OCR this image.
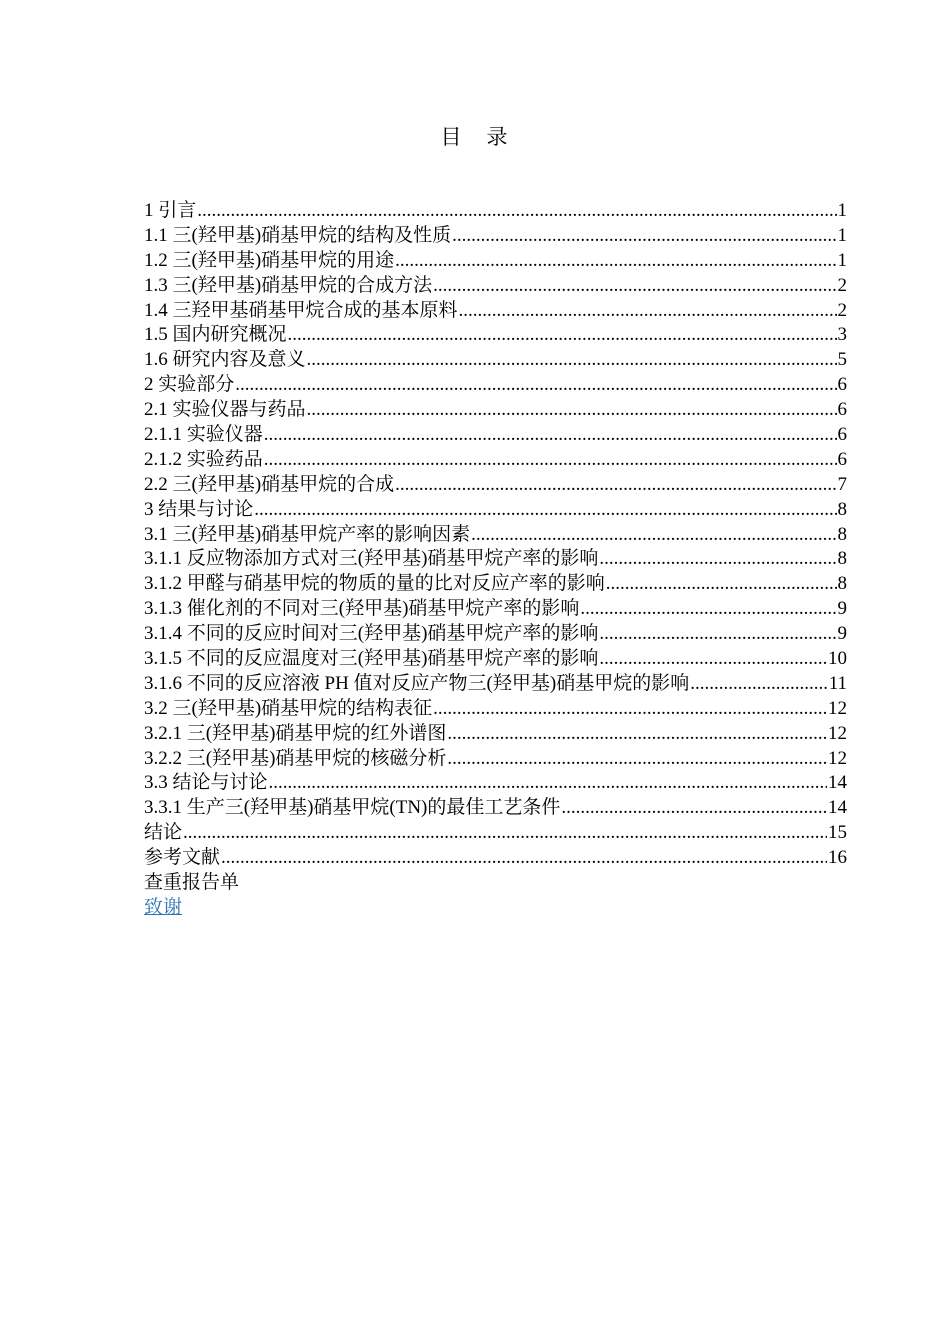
目　录
1 引言 .....	1
1.1 三(羟甲基)硝基甲烷的结构及性质 .....	1
1.2 三(羟甲基)硝基甲烷的用途 .....	1
1.3 三(羟甲基)硝基甲烷的合成方法 .....	2
1.4 三羟甲基硝基甲烷合成的基本原料 .....	2
1.5 国内研究概况 .....	3
1.6 研究内容及意义 .....	5
2 实验部分 .....	6
2.1 实验仪器与药品 .....	6
2.1.1 实验仪器 .....	6
2.1.2 实验药品 .....	6
2.2 三(羟甲基)硝基甲烷的合成 .....	7
3 结果与讨论 .....	8
3.1 三(羟甲基)硝基甲烷产率的影响因素 .....	8
3.1.1 反应物添加方式对三(羟甲基)硝基甲烷产率的影响 .....	8
3.1.2 甲醛与硝基甲烷的物质的量的比对反应产率的影响 .....	8
3.1.3 催化剂的不同对三(羟甲基)硝基甲烷产率的影响 .....	9
3.1.4 不同的反应时间对三(羟甲基)硝基甲烷产率的影响 .....	9
3.1.5 不同的反应温度对三(羟甲基)硝基甲烷产率的影响 .....	10
3.1.6 不同的反应溶液 PH 值对反应产物三(羟甲基)硝基甲烷的影响 .....	11
3.2 三(羟甲基)硝基甲烷的结构表征 .....	12
3.2.1 三(羟甲基)硝基甲烷的红外谱图 .....	12
3.2.2 三(羟甲基)硝基甲烷的核磁分析 .....	12
3.3 结论与讨论 .....	14
3.3.1 生产三(羟甲基)硝基甲烷(TN)的最佳工艺条件 .....	14
结论 .....	15
参考文献 .....	16
查重报告单
致谢
